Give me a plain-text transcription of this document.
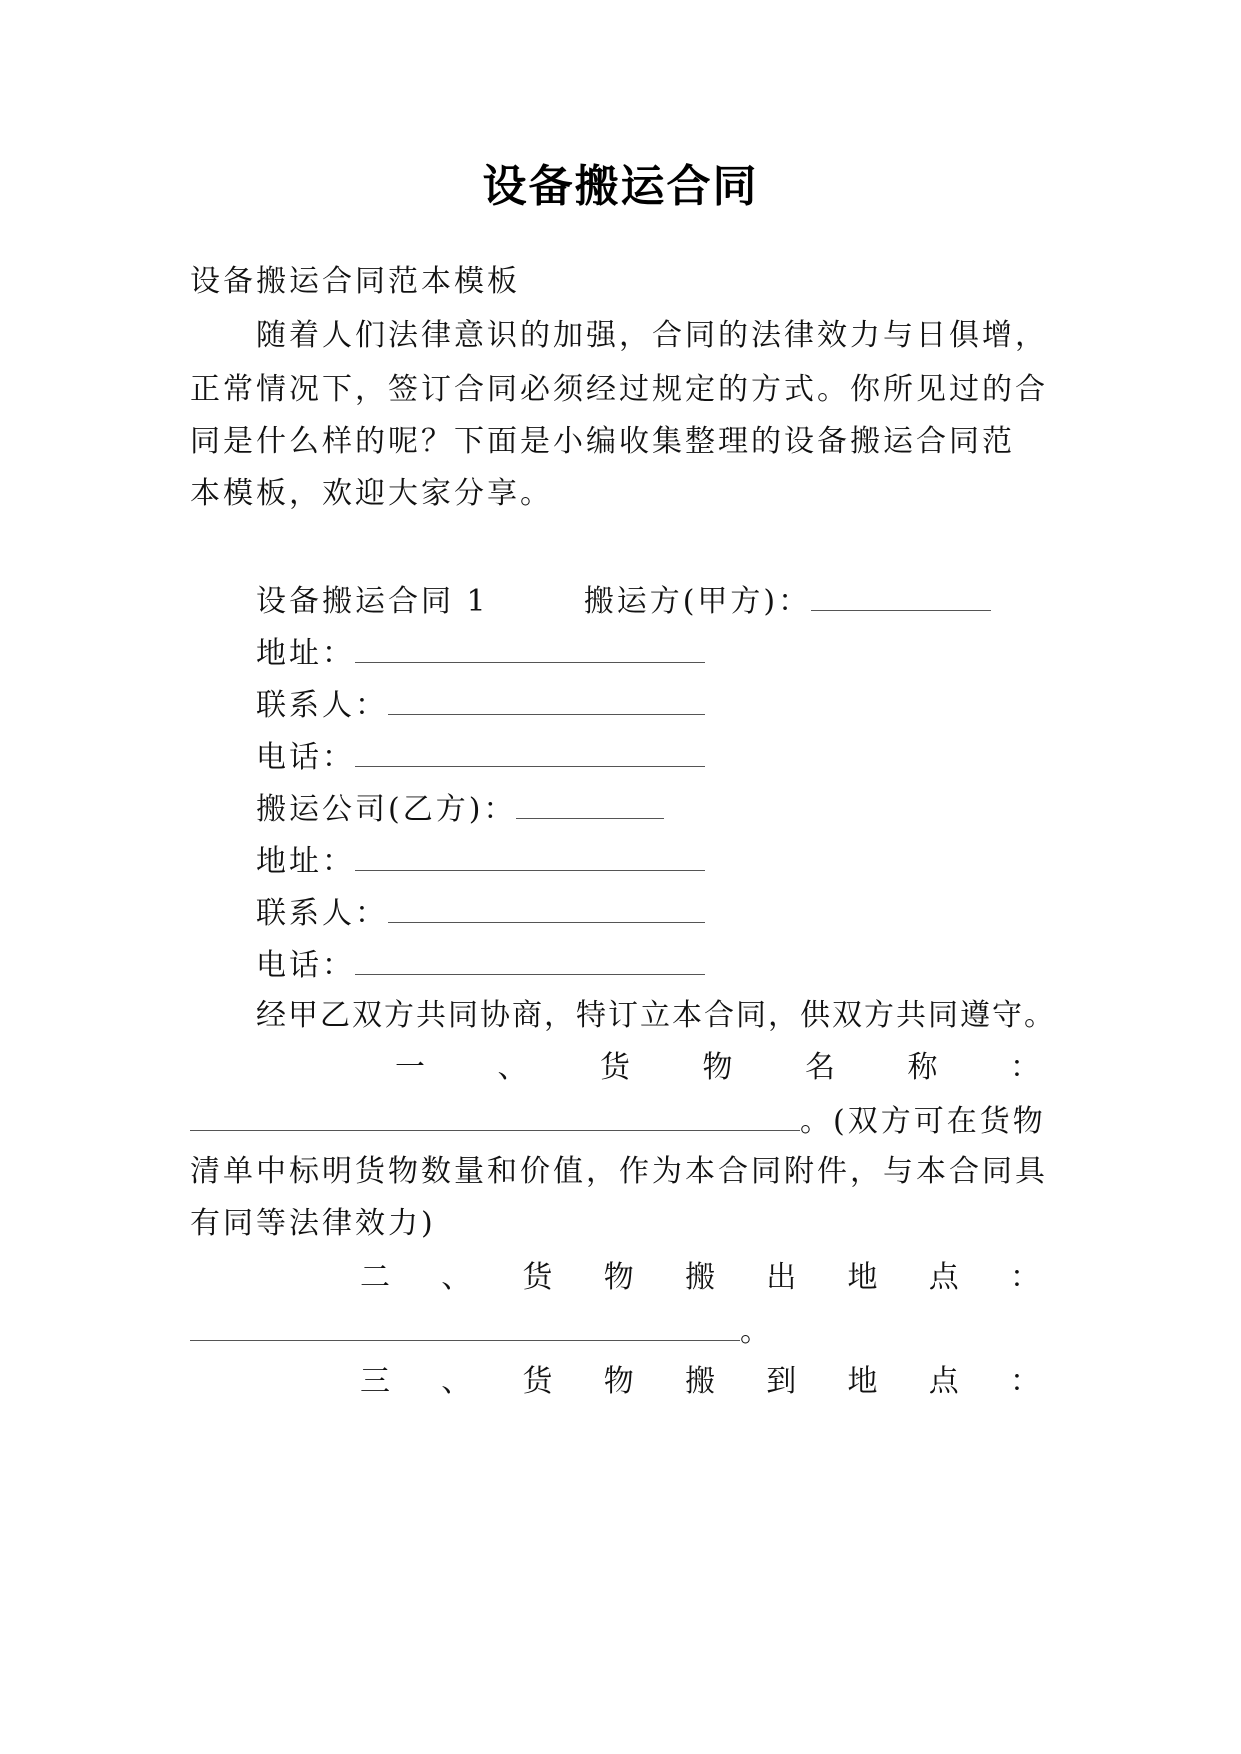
设备搬运合同
设备搬运合同范本模板
随着人们法律意识的加强，合同的法律效力与日俱增，
正常情况下，签订合同必须经过规定的方式。你所见过的合
同是什么样的呢？下面是小编收集整理的设备搬运合同范
本模板，欢迎大家分享。
设备搬运合同 1	搬运方(甲方)：
地址：
联系人：
电话：
搬运公司(乙方)：
地址：
联系人：
电话：
经甲乙双方共同协商，特订立本合同，供双方共同遵守。
一 、 货 物 名 称 ：
。(双方可在货物
清单中标明货物数量和价值，作为本合同附件，与本合同具
有同等法律效力)
二 、 货 物 搬 出 地 点 ：
。
三 、 货 物 搬 到 地 点 ：
